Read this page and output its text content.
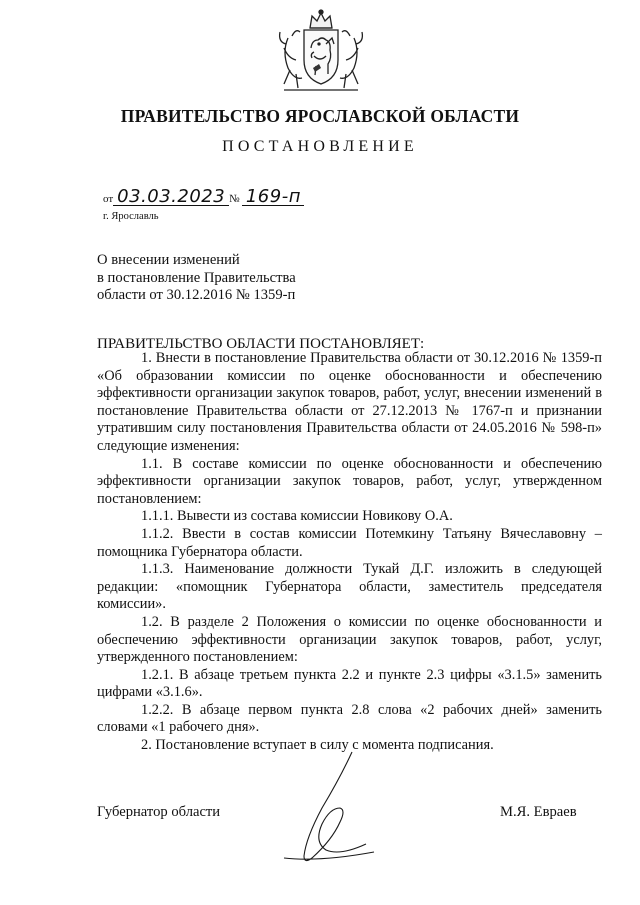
ПРАВИТЕЛЬСТВО ЯРОСЛАВСКОЙ ОБЛАСТИ
ПОСТАНОВЛЕНИЕ
от 03.03.2023 № 169-п
г. Ярославль
О внесении изменений
в постановление Правительства
области от 30.12.2016 № 1359-п
ПРАВИТЕЛЬСТВО ОБЛАСТИ ПОСТАНОВЛЯЕТ:

1. Внести в постановление Правительства области от 30.12.2016 № 1359-п «Об образовании комиссии по оценке обоснованности и обеспечению эффективности организации закупок товаров, работ, услуг, внесении изменений в постановление Правительства области от 27.12.2013 № 1767-п и признании утратившим силу постановления Правительства области от 24.05.2016 № 598-п» следующие изменения:

1.1. В составе комиссии по оценке обоснованности и обеспечению эффективности организации закупок товаров, работ, услуг, утвержденном постановлением:

1.1.1. Вывести из состава комиссии Новикову О.А.

1.1.2. Ввести в состав комиссии Потемкину Татьяну Вячеславовну – помощника Губернатора области.

1.1.3. Наименование должности Тукай Д.Г. изложить в следующей редакции: «помощник Губернатора области, заместитель председателя комиссии».

1.2. В разделе 2 Положения о комиссии по оценке обоснованности и обеспечению эффективности организации закупок товаров, работ, услуг, утвержденного постановлением:

1.2.1. В абзаце третьем пункта 2.2 и пункте 2.3 цифры «3.1.5» заменить цифрами «3.1.6».

1.2.2. В абзаце первом пункта 2.8 слова «2 рабочих дней» заменить словами «1 рабочего дня».

2. Постановление вступает в силу с момента подписания.

Губернатор области	М.Я. Евраев
